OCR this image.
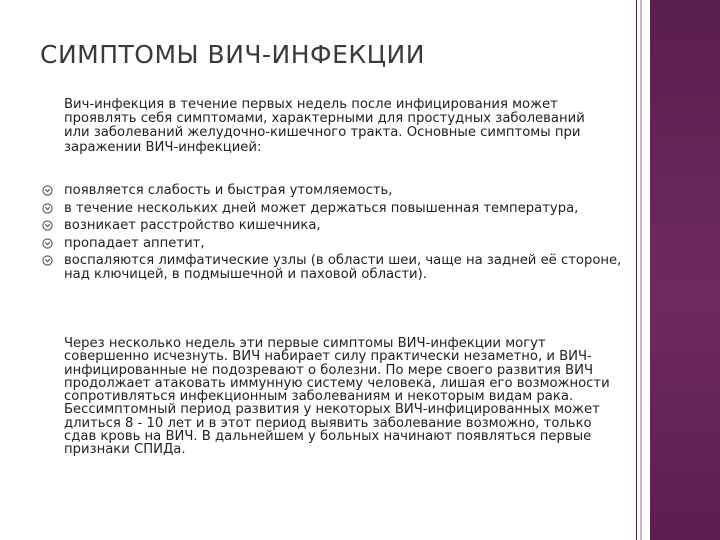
СИМПТОМЫ ВИЧ-ИНФЕКЦИИ
Вич-инфекция в течение первых недель после инфицирования может проявлять себя симптомами, характерными для простудных заболеваний или заболеваний желудочно-кишечного тракта. Основные симптомы при заражении ВИЧ-инфекцией:
появляется слабость и быстрая утомляемость,
в течение нескольких дней может держаться повышенная температура,
возникает расстройство кишечника,
пропадает аппетит,
воспаляются лимфатические узлы (в области шеи, чаще на задней её стороне, над ключицей, в подмышечной и паховой области).
Через несколько недель эти первые симптомы ВИЧ-инфекции могут совершенно исчезнуть. ВИЧ набирает силу практически незаметно, и ВИЧ-инфицированные не подозревают о болезни. По мере своего развития ВИЧ продолжает атаковать иммунную систему человека, лишая его возможности сопротивляться инфекционным заболеваниям и некоторым видам рака. Бессимптомный период развития у некоторых ВИЧ-инфицированных может длиться 8 - 10 лет и в этот период выявить заболевание возможно, только сдав кровь на ВИЧ. В дальнейшем у больных начинают появляться первые признаки СПИДа.
